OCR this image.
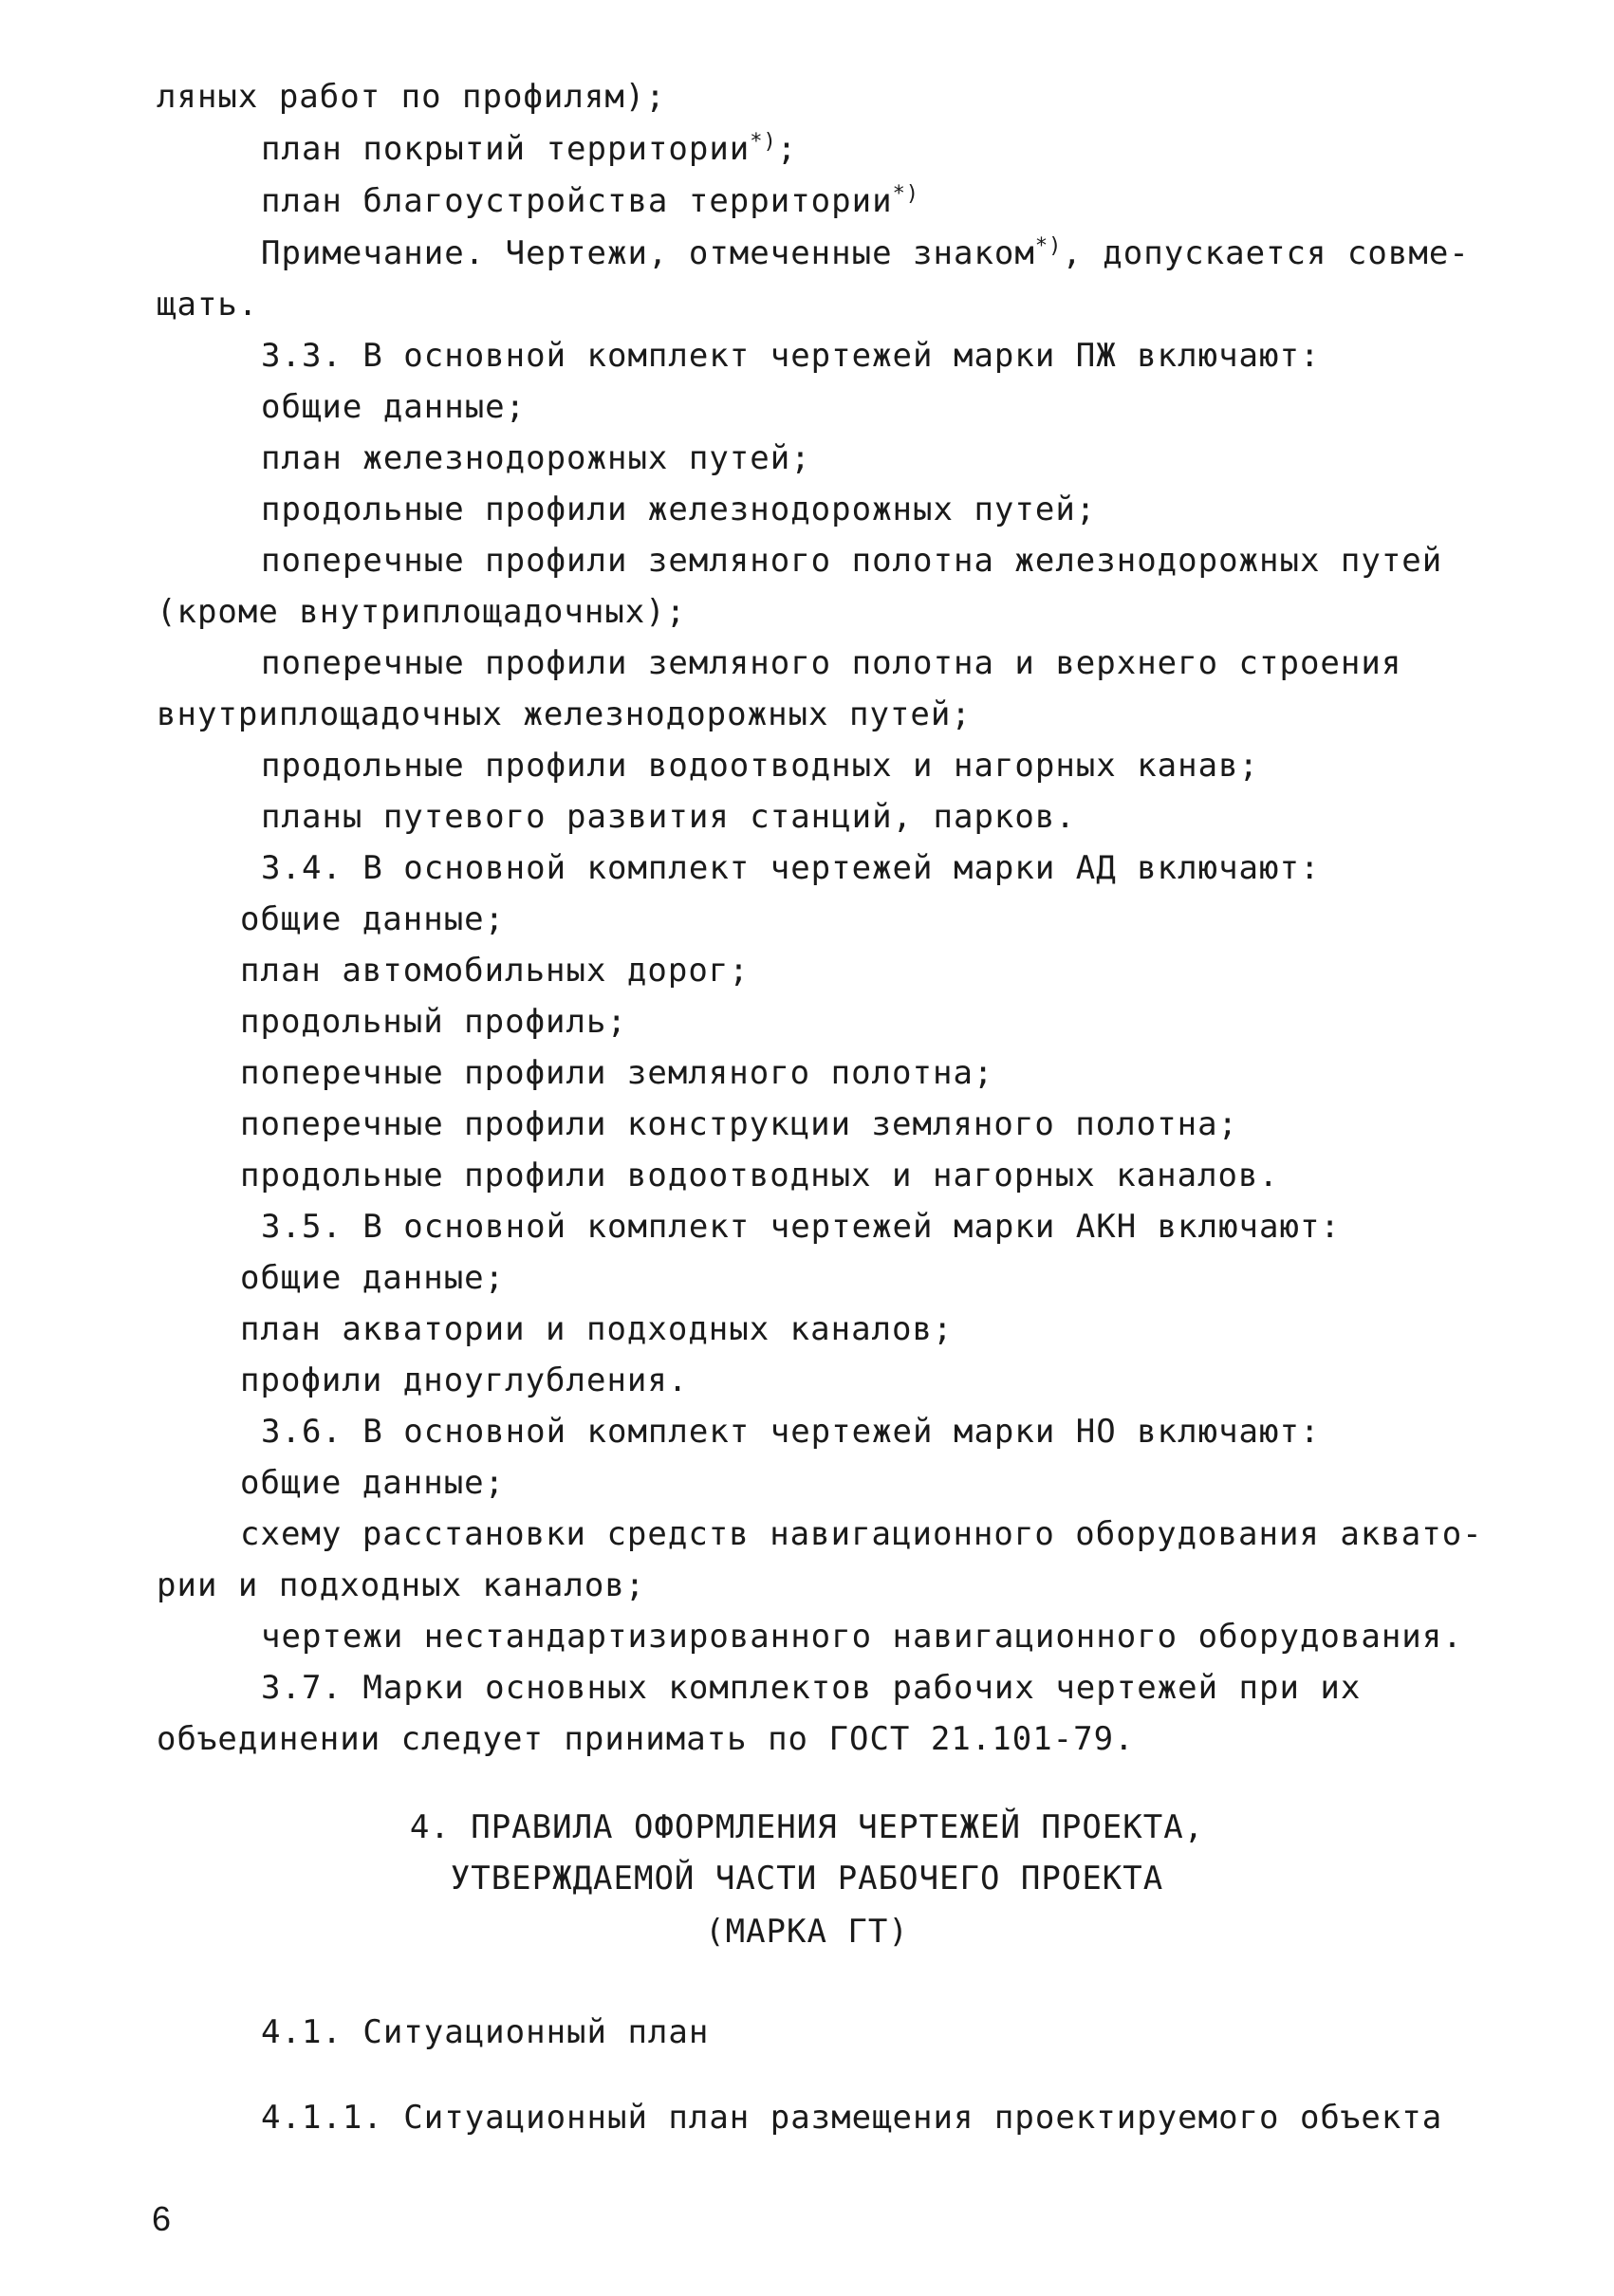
ляных работ по профилям);
план покрытий территории*);
план благоустройства территории*)
Примечание. Чертежи, отмеченные знаком*), допускается совме-
щать.
3.3. В основной комплект чертежей марки ПЖ включают:
общие данные;
план железнодорожных путей;
продольные профили железнодорожных путей;
поперечные профили земляного полотна железнодорожных путей
(кроме внутриплощадочных);
поперечные профили земляного полотна и верхнего строения
внутриплощадочных железнодорожных путей;
продольные профили водоотводных и нагорных канав;
планы путевого развития станций, парков.
3.4. В основной комплект чертежей марки АД включают:
общие данные;
план автомобильных дорог;
продольный профиль;
поперечные профили земляного полотна;
поперечные профили конструкции земляного полотна;
продольные профили водоотводных и нагорных каналов.
3.5. В основной комплект чертежей марки АКН включают:
общие данные;
план акватории и подходных каналов;
профили дноуглубления.
3.6. В основной комплект чертежей марки НО включают:
общие данные;
схему расстановки средств навигационного оборудования аквато-
рии и подходных каналов;
чертежи нестандартизированного навигационного оборудования.
3.7. Марки основных комплектов рабочих чертежей при их
объединении следует принимать по ГОСТ 21.101-79.
4. ПРАВИЛА ОФОРМЛЕНИЯ ЧЕРТЕЖЕЙ ПРОЕКТА,
УТВЕРЖДАЕМОЙ ЧАСТИ РАБОЧЕГО ПРОЕКТА
(МАРКА ГТ)
4.1. Ситуационный план
4.1.1. Ситуационный план размещения проектируемого объекта
6
